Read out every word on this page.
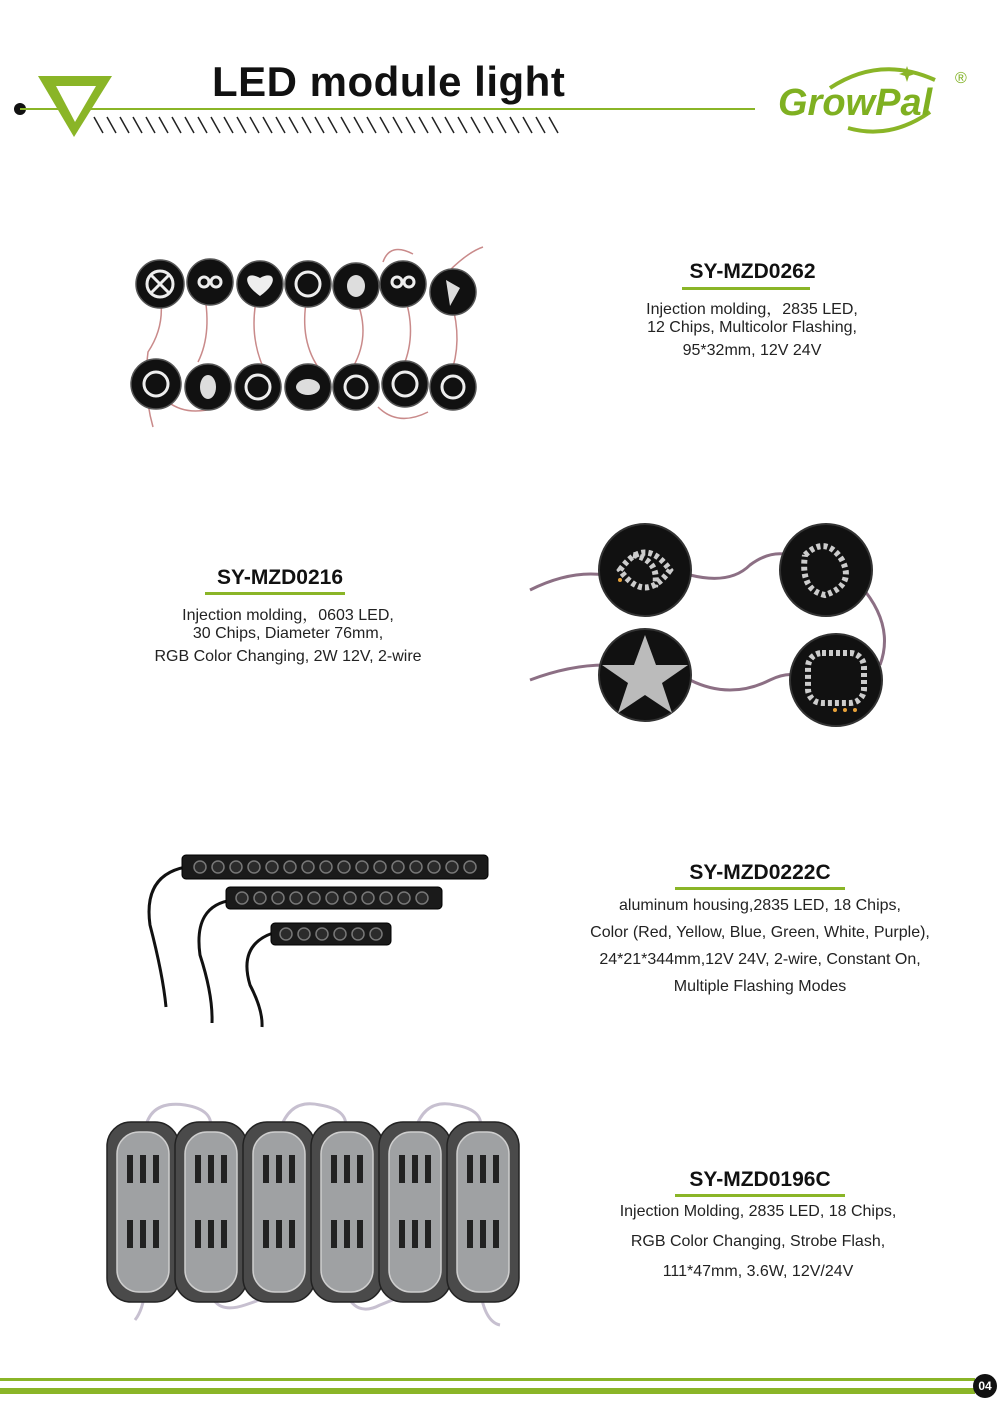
LED module light	GrowPal
®
SY-MZD0262
Injection molding，2835 LED,
12 Chips, Multicolor Flashing,
95*32mm, 12V 24V
SY-MZD0216
Injection molding，0603 LED,
30 Chips, Diameter 76mm,
RGB Color Changing, 2W 12V, 2-wire
SY-MZD0222C
aluminum housing,2835 LED, 18 Chips,
Color (Red, Yellow, Blue, Green, White, Purple),
24*21*344mm,12V 24V, 2-wire, Constant On,
Multiple Flashing Modes
SY-MZD0196C
Injection Molding, 2835 LED, 18 Chips,
RGB Color Changing, Strobe Flash,
111*47mm, 3.6W, 12V/24V
04
